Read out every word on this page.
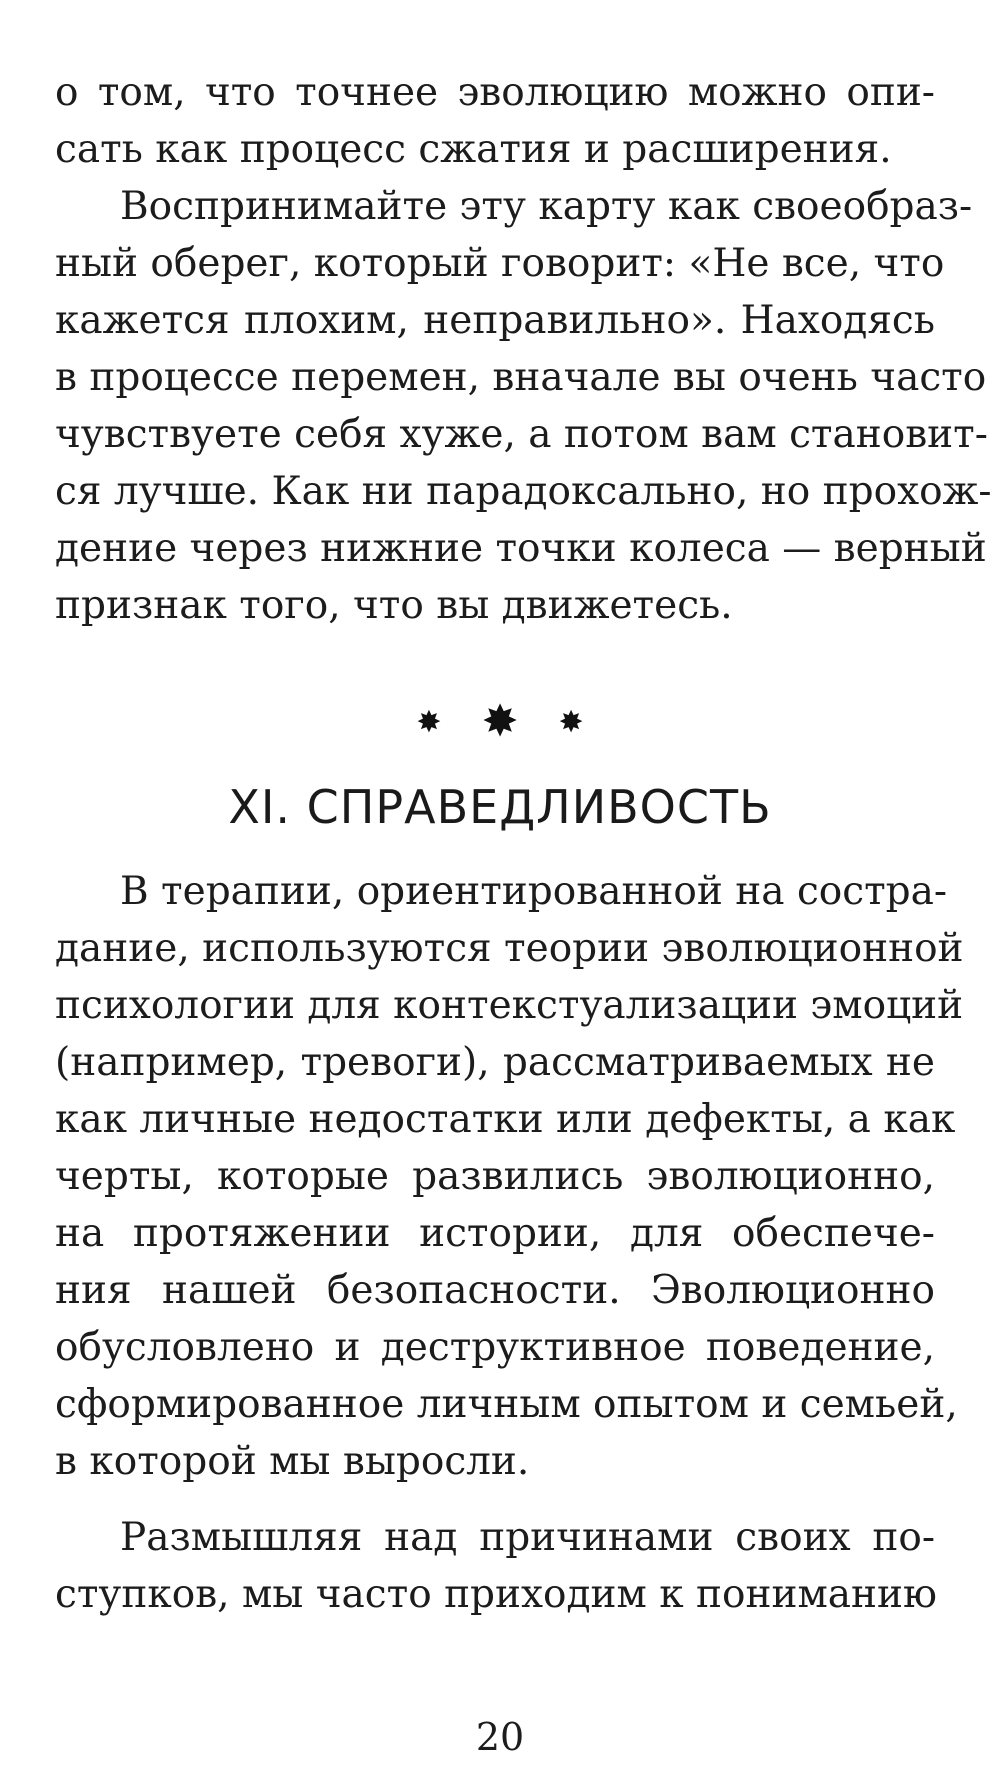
о том, что точнее эволюцию можно опи-
сать как процесс сжатия и расширения.
Воспринимайте эту карту как своеобраз-
ный оберег, который говорит: «Не все, что
кажется плохим, неправильно». Находясь
в процессе перемен, вначале вы очень часто
чувствуете себя хуже, а потом вам становит-
ся лучше. Как ни парадоксально, но прохож-
дение через нижние точки колеса — верный
признак того, что вы движетесь.
✸ ✸ ✸
XI. СПРАВЕДЛИВОСТЬ
В терапии, ориентированной на состра-
дание, используются теории эволюционной
психологии для контекстуализации эмоций
(например, тревоги), рассматриваемых не
как личные недостатки или дефекты, а как
черты, которые развились эволюционно,
на протяжении истории, для обеспече-
ния нашей безопасности. Эволюционно
обусловлено и деструктивное поведение,
сформированное личным опытом и семьей,
в которой мы выросли.
Размышляя над причинами своих по-
ступков, мы часто приходим к пониманию
20
